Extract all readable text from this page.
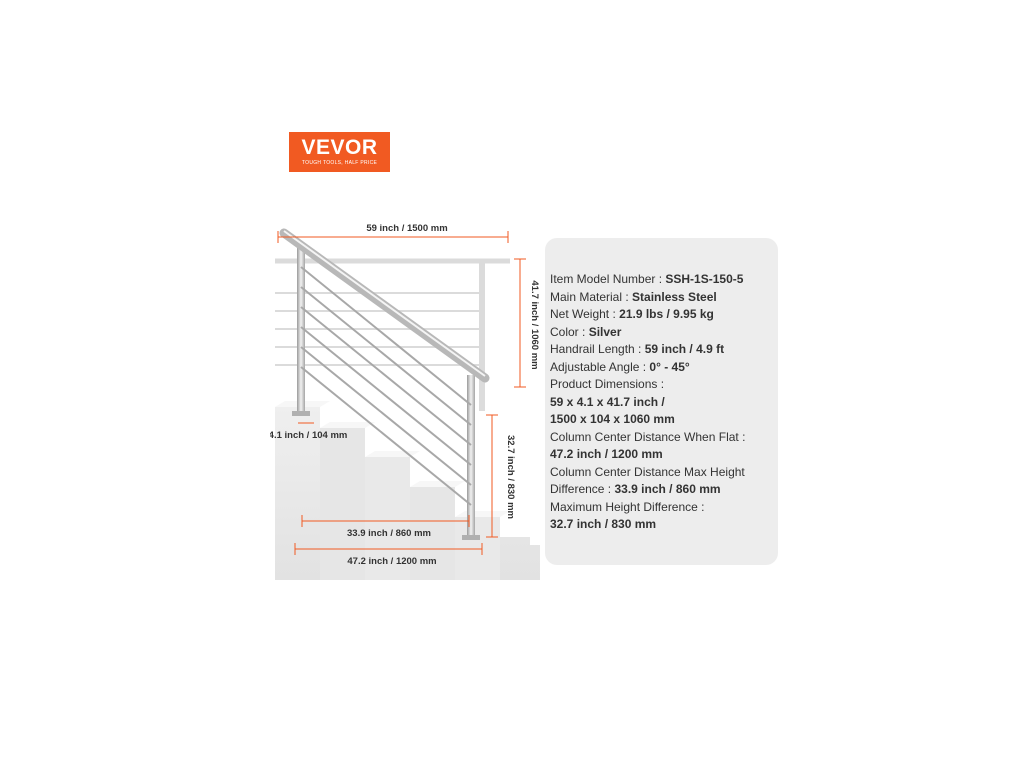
VEVOR
TOUGH TOOLS, HALF PRICE
59 inch / 1500 mm
41.7 inch / 1060 mm
4.1 inch / 104 mm	32.7 inch / 830 mm
33.9 inch / 860 mm
47.2 inch / 1200 mm
Item Model Number : SSH-1S-150-5
Main Material : Stainless Steel
Net Weight : 21.9 lbs / 9.95 kg
Color : Silver
Handrail Length : 59 inch / 4.9 ft
Adjustable Angle : 0° - 45°
Product Dimensions :
59 x 4.1 x 41.7 inch /
1500 x 104 x 1060 mm
Column Center Distance When Flat :
47.2 inch / 1200 mm
Column Center Distance Max Height
Difference : 33.9 inch / 860 mm
Maximum Height Difference :
32.7 inch / 830 mm
